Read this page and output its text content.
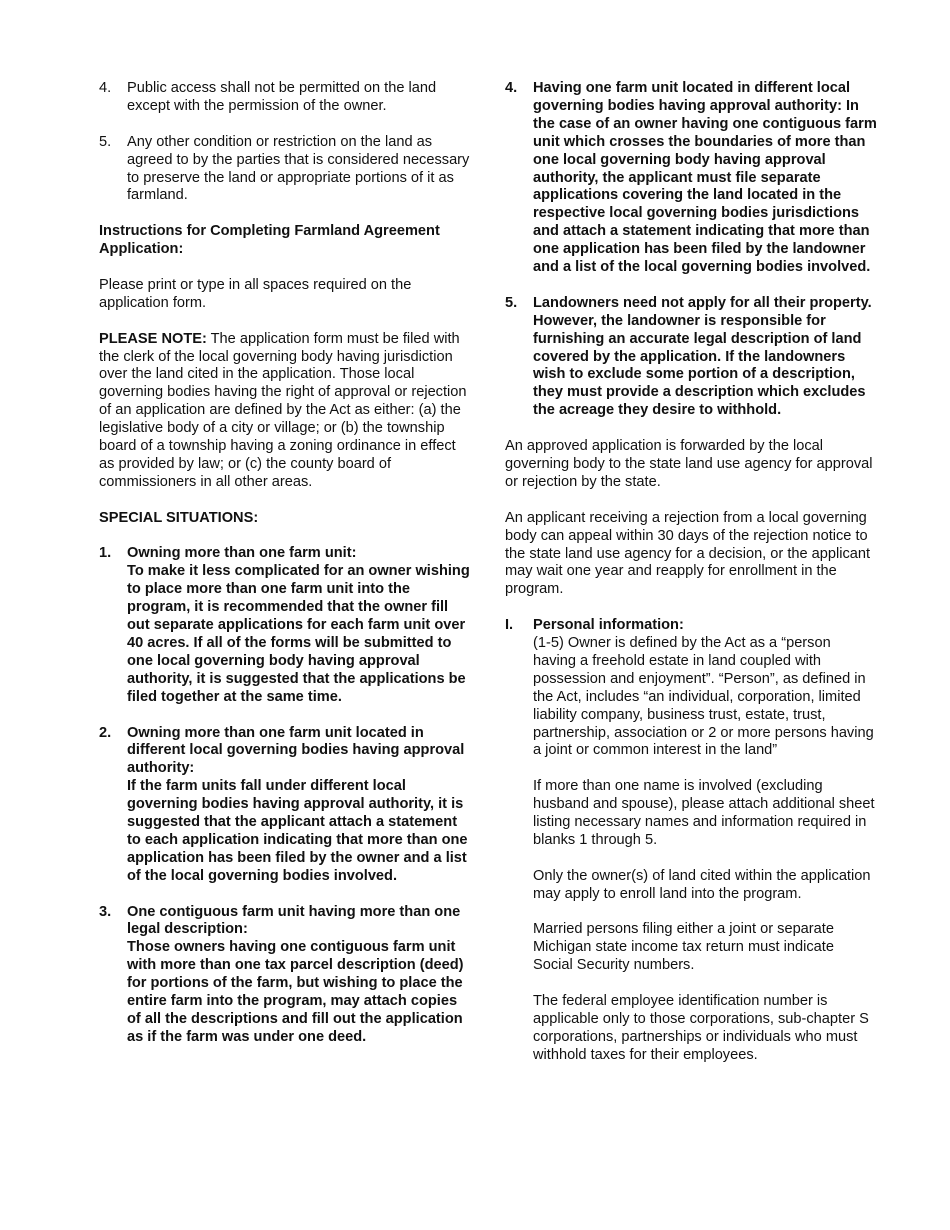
4. Public access shall not be permitted on the land except with the permission of the owner.
5. Any other condition or restriction on the land as agreed to by the parties that is considered necessary to preserve the land or appropriate portions of it as farmland.
Instructions for Completing Farmland Agreement Application:

Please print or type in all spaces required on the application form.

PLEASE NOTE: The application form must be filed with the clerk of the local governing body having jurisdiction over the land cited in the application. Those local governing bodies having the right of approval or rejection of an application are defined by the Act as either: (a) the legislative body of a city or village; or (b) the township board of a township having a zoning ordinance in effect as provided by law; or (c) the county board of commissioners in all other areas.

SPECIAL SITUATIONS:
1. Owning more than one farm unit:
To make it less complicated for an owner wishing to place more than one farm unit into the program, it is recommended that the owner fill out separate applications for each farm unit over 40 acres. If all of the forms will be submitted to one local governing body having approval authority, it is suggested that the applications be filed together at the same time.
2. Owning more than one farm unit located in different local governing bodies having approval authority:
If the farm units fall under different local governing bodies having approval authority, it is suggested that the applicant attach a statement to each application indicating that more than one application has been filed by the owner and a list of the local governing bodies involved.
3. One contiguous farm unit having more than one legal description:
Those owners having one contiguous farm unit with more than one tax parcel description (deed) for portions of the farm, but wishing to place the entire farm into the program, may attach copies of all the descriptions and fill out the application as if the farm was under one deed.
4. Having one farm unit located in different local governing bodies having approval authority: In the case of an owner having one contiguous farm unit which crosses the boundaries of more than one local governing body having approval authority, the applicant must file separate applications covering the land located in the respective local governing bodies jurisdictions and attach a statement indicating that more than one application has been filed by the landowner and a list of the local governing bodies involved.
5. Landowners need not apply for all their property. However, the landowner is responsible for furnishing an accurate legal description of land covered by the application. If the landowners wish to exclude some portion of a description, they must provide a description which excludes the acreage they desire to withhold.

An approved application is forwarded by the local governing body to the state land use agency for approval or rejection by the state.

An applicant receiving a rejection from a local governing body can appeal within 30 days of the rejection notice to the state land use agency for a decision, or the applicant may wait one year and reapply for enrollment in the program.

I. Personal information:
(1-5) Owner is defined by the Act as a “person having a freehold estate in land coupled with possession and enjoyment”. “Person”, as defined in the Act, includes “an individual, corporation, limited liability company, business trust, estate, trust, partnership, association or 2 or more persons having a joint or common interest in the land”
If more than one name is involved (excluding husband and spouse), please attach additional sheet listing necessary names and information required in blanks 1 through 5.
Only the owner(s) of land cited within the application may apply to enroll land into the program.
Married persons filing either a joint or separate Michigan state income tax return must indicate Social Security numbers.
The federal employee identification number is applicable only to those corporations, sub-chapter S corporations, partnerships or individuals who must withhold taxes for their employees.
